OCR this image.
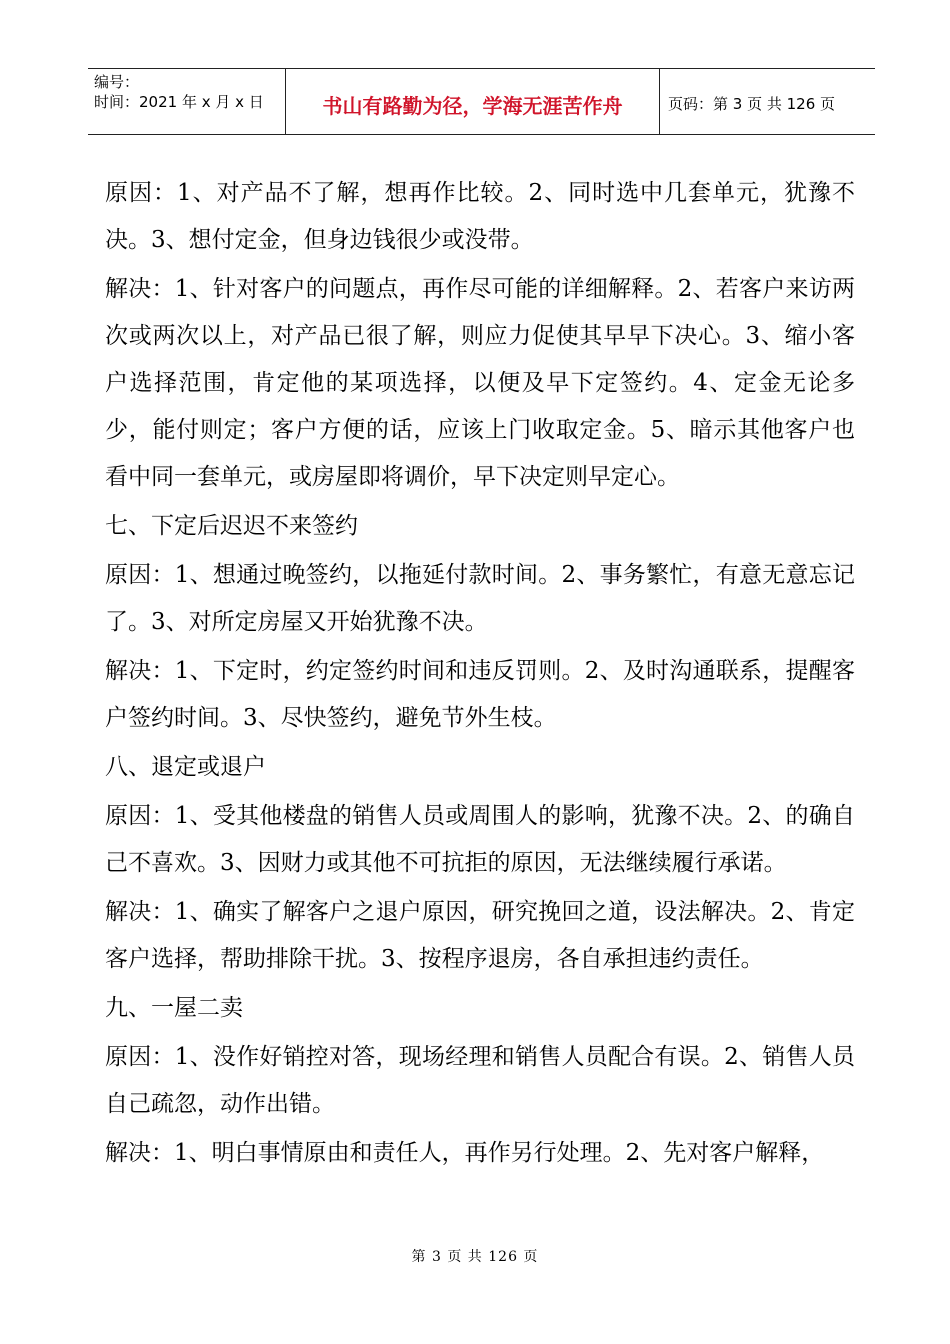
编号：
时间：2021 年 x 月 x 日	书山有路勤为径，学海无涯苦作舟	页码：第 3 页 共 126 页

原因：1、对产品不了解，想再作比较。2、同时选中几套单元，犹豫不决。3、想付定金，但身边钱很少或没带。

解决：1、针对客户的问题点，再作尽可能的详细解释。2、若客户来访两次或两次以上，对产品已很了解，则应力促使其早早下决心。3、缩小客户选择范围，肯定他的某项选择，以便及早下定签约。4、定金无论多少，能付则定；客户方便的话，应该上门收取定金。5、暗示其他客户也看中同一套单元，或房屋即将调价，早下决定则早定心。

七、下定后迟迟不来签约

原因：1、想通过晚签约，以拖延付款时间。2、事务繁忙，有意无意忘记了。3、对所定房屋又开始犹豫不决。

解决：1、下定时，约定签约时间和违反罚则。2、及时沟通联系，提醒客户签约时间。3、尽快签约，避免节外生枝。

八、退定或退户

原因：1、受其他楼盘的销售人员或周围人的影响，犹豫不决。2、的确自己不喜欢。3、因财力或其他不可抗拒的原因，无法继续履行承诺。

解决：1、确实了解客户之退户原因，研究挽回之道，设法解决。2、肯定客户选择，帮助排除干扰。3、按程序退房，各自承担违约责任。

九、一屋二卖

原因：1、没作好销控对答，现场经理和销售人员配合有误。2、销售人员自己疏忽，动作出错。

解决：1、明白事情原由和责任人，再作另行处理。2、先对客户解释，

第 3 页 共 126 页
